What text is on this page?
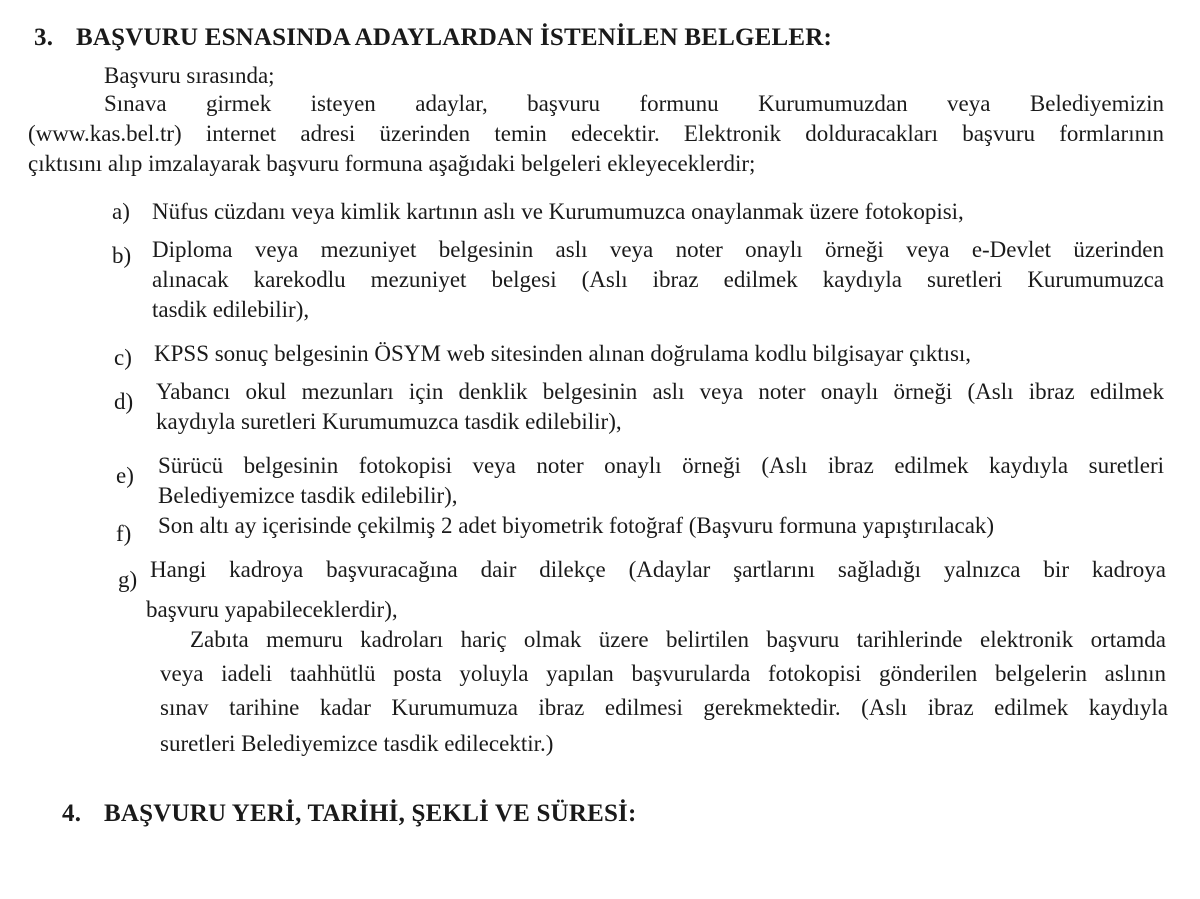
3. BAŞVURU ESNASINDA ADAYLARDAN İSTENİLEN BELGELER:
Başvuru sırasında;
Sınava girmek isteyen adaylar, başvuru formunu Kurumumuzdan veya Belediyemizin
(www.kas.bel.tr) internet adresi üzerinden temin edecektir. Elektronik dolduracakları başvuru formlarının
çıktısını alıp imzalayarak başvuru formuna aşağıdaki belgeleri ekleyeceklerdir;
a) Nüfus cüzdanı veya kimlik kartının aslı ve Kurumumuzca onaylanmak üzere fotokopisi,
b) Diploma veya mezuniyet belgesinin aslı veya noter onaylı örneği veya e-Devlet üzerinden
alınacak karekodlu mezuniyet belgesi (Aslı ibraz edilmek kaydıyla suretleri Kurumumuzca
tasdik edilebilir),
c) KPSS sonuç belgesinin ÖSYM web sitesinden alınan doğrulama kodlu bilgisayar çıktısı,
d) Yabancı okul mezunları için denklik belgesinin aslı veya noter onaylı örneği (Aslı ibraz edilmek
kaydıyla suretleri Kurumumuzca tasdik edilebilir),
e) Sürücü belgesinin fotokopisi veya noter onaylı örneği (Aslı ibraz edilmek kaydıyla suretleri
Belediyemizce tasdik edilebilir),
f) Son altı ay içerisinde çekilmiş 2 adet biyometrik fotoğraf (Başvuru formuna yapıştırılacak)
g) Hangi kadroya başvuracağına dair dilekçe (Adaylar şartlarını sağladığı yalnızca bir kadroya
başvuru yapabileceklerdir),
Zabıta memuru kadroları hariç olmak üzere belirtilen başvuru tarihlerinde elektronik ortamda
veya iadeli taahhütlü posta yoluyla yapılan başvurularda fotokopisi gönderilen belgelerin aslının
sınav tarihine kadar Kurumumuza ibraz edilmesi gerekmektedir. (Aslı ibraz edilmek kaydıyla
suretleri Belediyemizce tasdik edilecektir.)
4. BAŞVURU YERİ, TARİHİ, ŞEKLİ VE SÜRESİ:
